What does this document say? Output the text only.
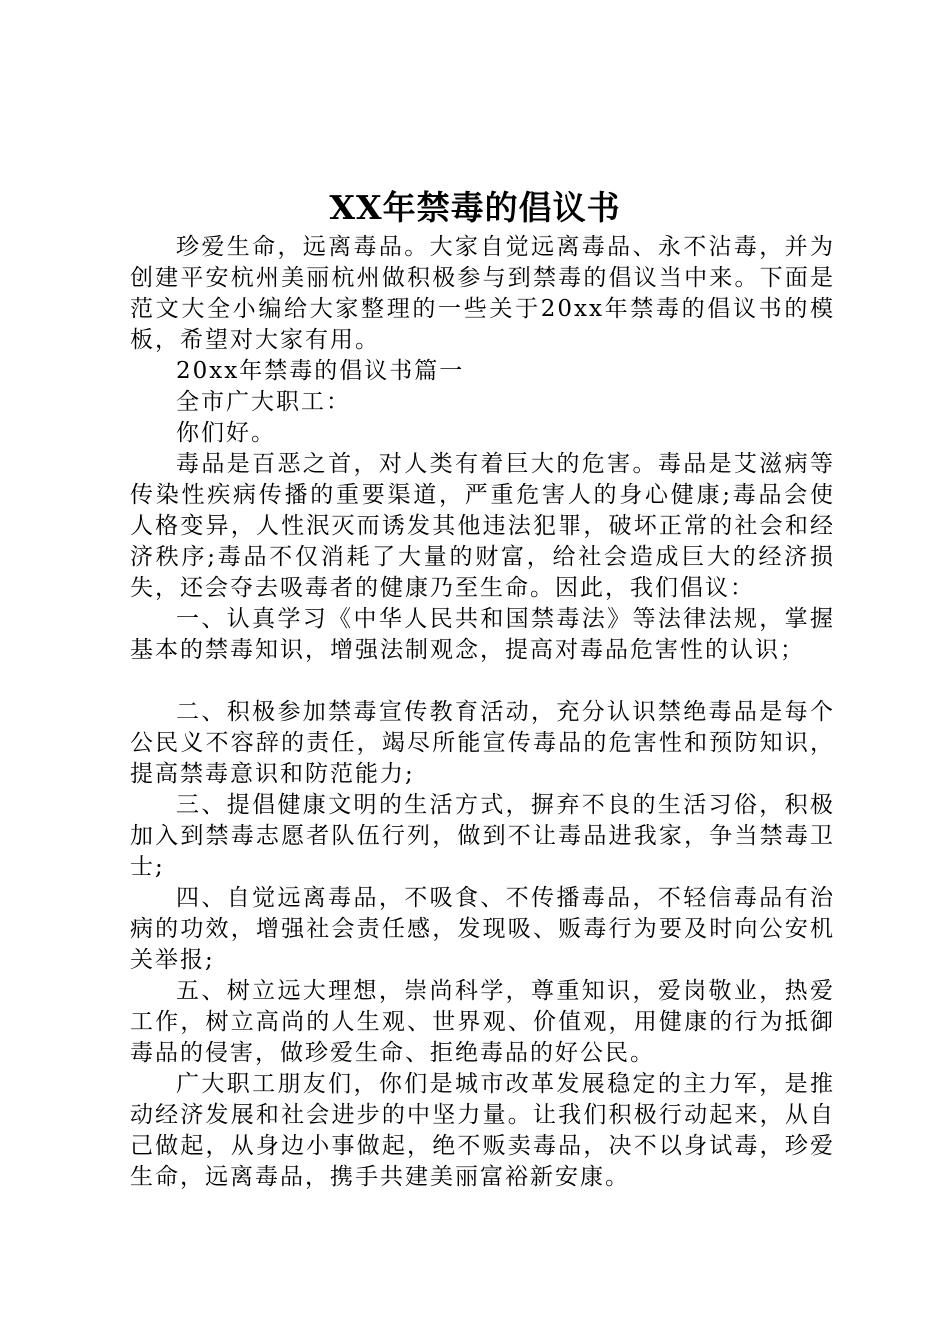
XX年禁毒的倡议书

珍爱生命，远离毒品。大家自觉远离毒品、永不沾毒，并为创建平安杭州美丽杭州做积极参与到禁毒的倡议当中来。下面是范文大全小编给大家整理的一些关于20xx年禁毒的倡议书的模板，希望对大家有用。

20xx年禁毒的倡议书篇一

全市广大职工：

你们好。

毒品是百恶之首，对人类有着巨大的危害。毒品是艾滋病等传染性疾病传播的重要渠道，严重危害人的身心健康;毒品会使人格变异，人性泯灭而诱发其他违法犯罪，破坏正常的社会和经济秩序;毒品不仅消耗了大量的财富，给社会造成巨大的经济损失，还会夺去吸毒者的健康乃至生命。因此，我们倡议：

一、认真学习《中华人民共和国禁毒法》等法律法规，掌握基本的禁毒知识，增强法制观念，提高对毒品危害性的认识；

二、积极参加禁毒宣传教育活动，充分认识禁绝毒品是每个公民义不容辞的责任，竭尽所能宣传毒品的危害性和预防知识，提高禁毒意识和防范能力;

三、提倡健康文明的生活方式，摒弃不良的生活习俗，积极加入到禁毒志愿者队伍行列，做到不让毒品进我家，争当禁毒卫士;

四、自觉远离毒品，不吸食、不传播毒品，不轻信毒品有治病的功效，增强社会责任感，发现吸、贩毒行为要及时向公安机关举报;

五、树立远大理想，崇尚科学，尊重知识，爱岗敬业，热爱工作，树立高尚的人生观、世界观、价值观，用健康的行为抵御毒品的侵害，做珍爱生命、拒绝毒品的好公民。

广大职工朋友们，你们是城市改革发展稳定的主力军，是推动经济发展和社会进步的中坚力量。让我们积极行动起来，从自己做起，从身边小事做起，绝不贩卖毒品，决不以身试毒，珍爱生命，远离毒品，携手共建美丽富裕新安康。
